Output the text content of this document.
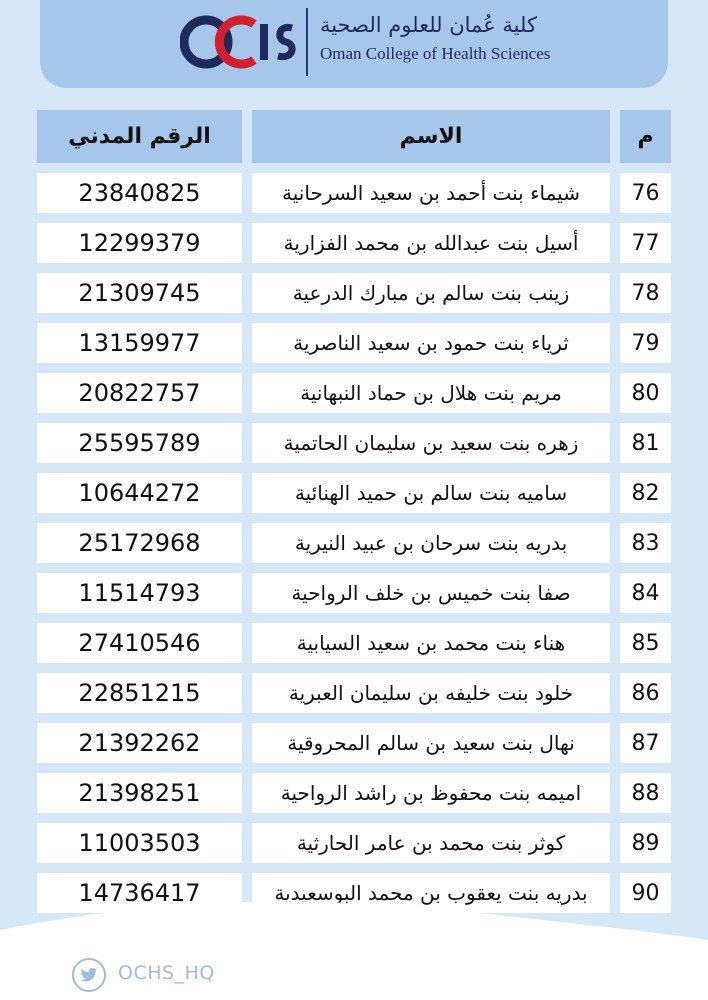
كلية عُمان للعلوم الصحية
Oman College of Health Sciences
الرقم المدني	الاسم	م
23840825	شيماء بنت أحمد بن سعيد السرحانية	76
12299379	أسيل بنت عبدالله بن محمد الفزارية	77
21309745	زينب بنت سالم بن مبارك الدرعية	78
13159977	ثرياء بنت حمود بن سعيد الناصرية	79
20822757	مريم بنت هلال بن حماد النبهانية	80
25595789	زهره بنت سعيد بن سليمان الحاتمية	81
10644272	ساميه بنت سالم بن حميد الهنائية	82
25172968	بدريه بنت سرحان بن عبيد النيرية	83
11514793	صفا بنت خميس بن خلف الرواحية	84
27410546	هناء بنت محمد بن سعيد السيابية	85
22851215	خلود بنت خليفه بن سليمان العبرية	86
21392262	نهال بنت سعيد بن سالم المحروقية	87
21398251	اميمه بنت محفوظ بن راشد الرواحية	88
11003503	كوثر بنت محمد بن عامر الحارثية	89
14736417	بدريه بنت يعقوب بن محمد البوسعيدية	90
OCHS_HQ
